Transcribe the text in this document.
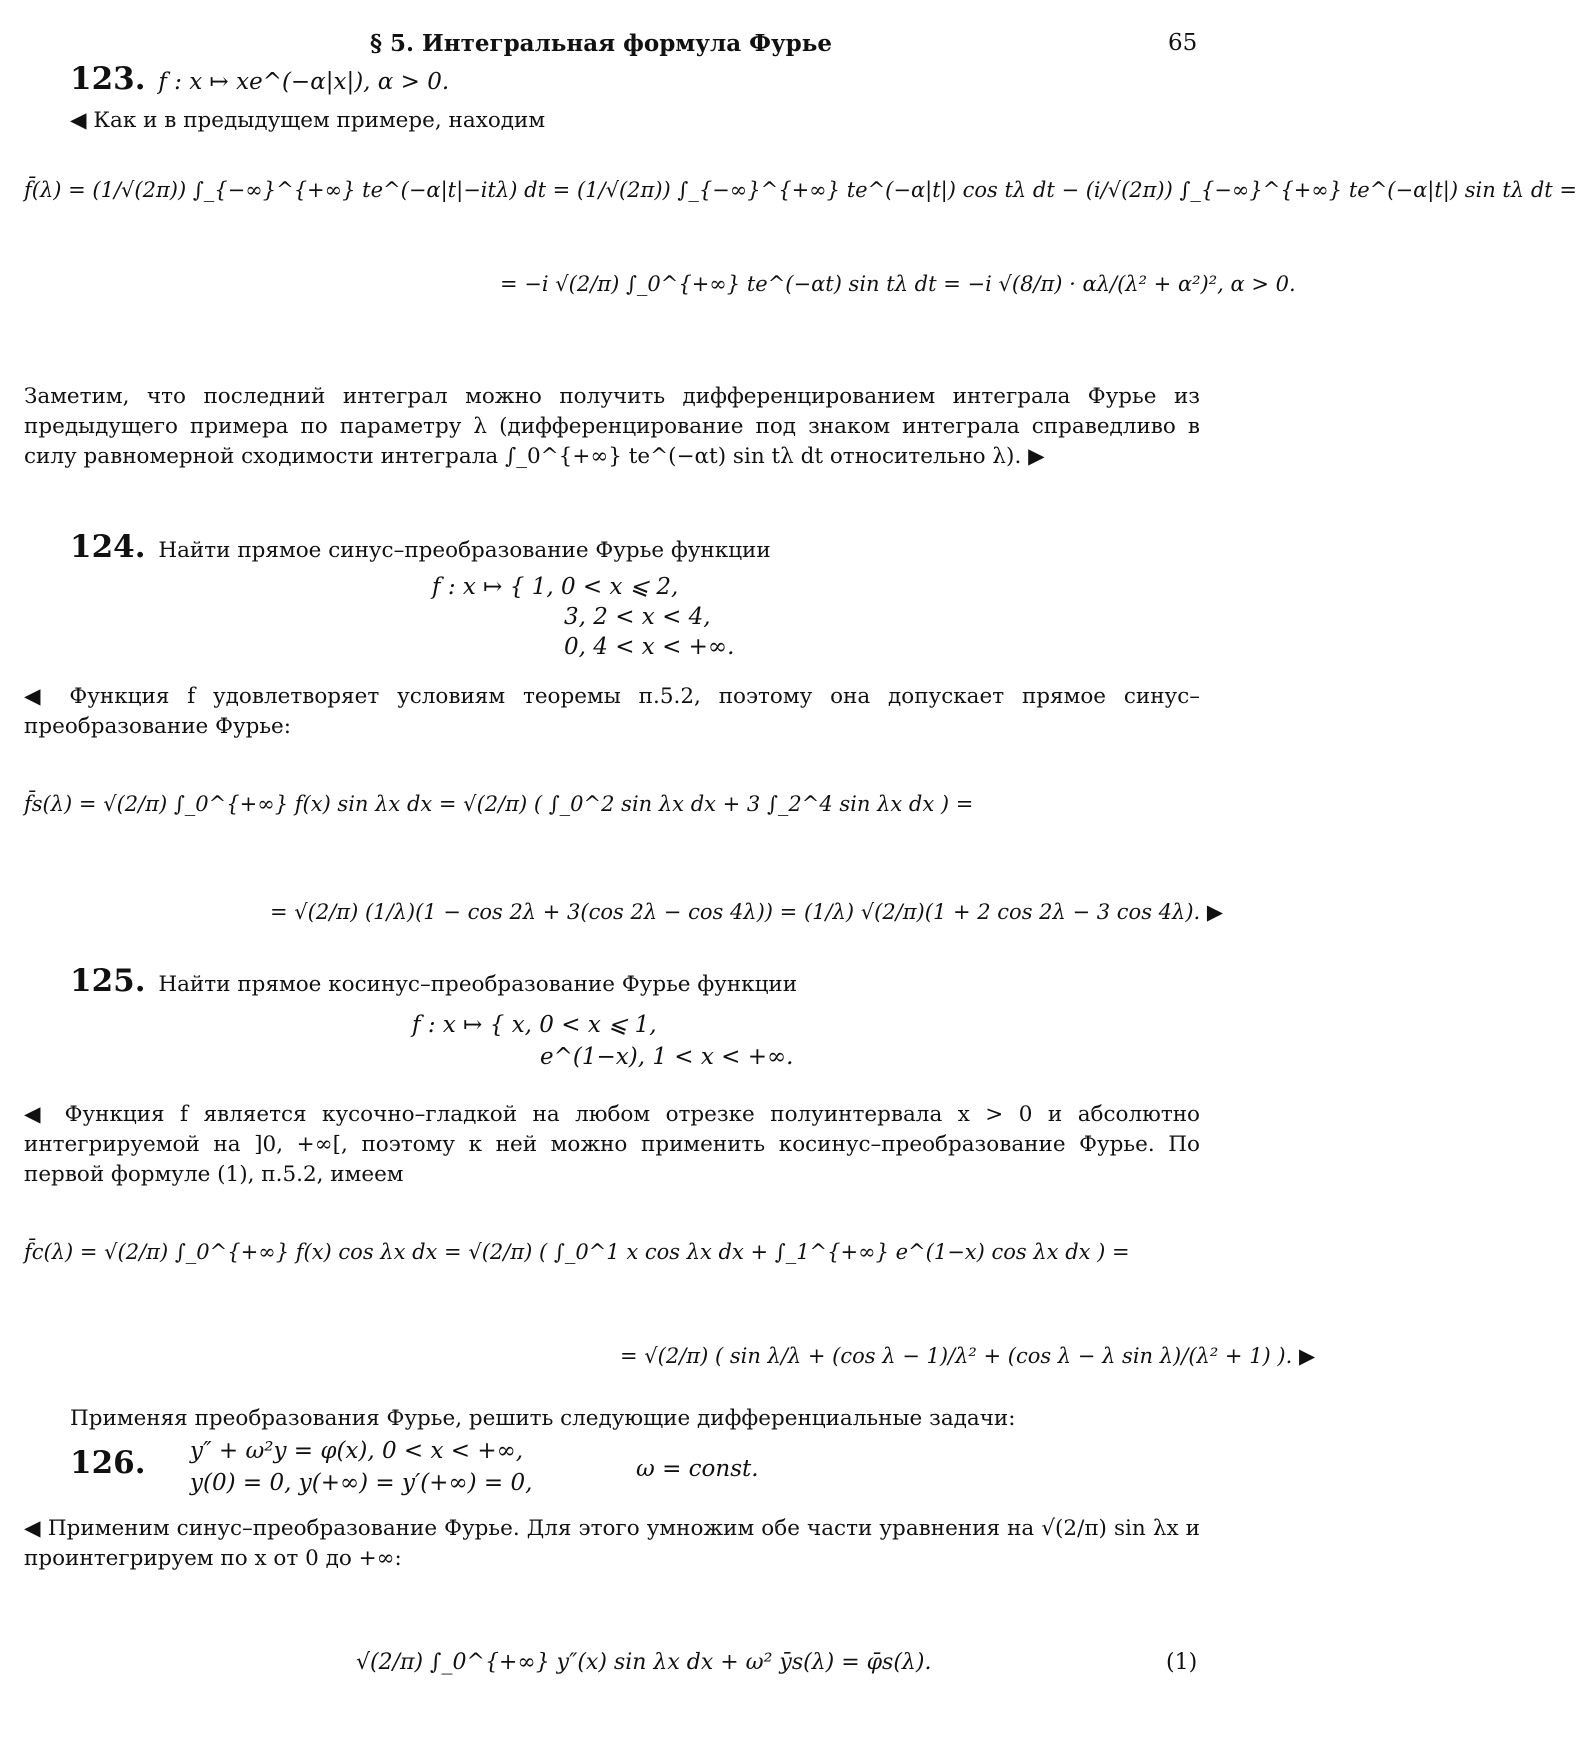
§ 5. Интегральная формула Фурье	65
123. f : x ↦ xe^(−α|x|), α > 0.
◀ Как и в предыдущем примере, находим
f̄(λ) = (1/√(2π)) ∫_{−∞}^{+∞} te^(−α|t|−itλ) dt = (1/√(2π)) ∫_{−∞}^{+∞} te^(−α|t|) cos tλ dt − (i/√(2π)) ∫_{−∞}^{+∞} te^(−α|t|) sin tλ dt =
= −i √(2/π) ∫_0^{+∞} te^(−αt) sin tλ dt = −i √(8/π) · αλ/(λ² + α²)², α > 0.
Заметим, что последний интеграл можно получить дифференцированием интеграла Фурье из предыдущего примера по параметру λ (дифференцирование под знаком интеграла справедливо в силу равномерной сходимости интеграла ∫_0^{+∞} te^(−αt) sin tλ dt относительно λ). ▶
124. Найти прямое синус–преобразование Фурье функции
f : x ↦ { 1, 0 < x ⩽ 2,
3, 2 < x < 4,
0, 4 < x < +∞.
◀ Функция f удовлетворяет условиям теоремы п.5.2, поэтому она допускает прямое синус–преобразование Фурье:
f̄s(λ) = √(2/π) ∫_0^{+∞} f(x) sin λx dx = √(2/π) ( ∫_0^2 sin λx dx + 3 ∫_2^4 sin λx dx ) =
= √(2/π) (1/λ)(1 − cos 2λ + 3(cos 2λ − cos 4λ)) = (1/λ) √(2/π)(1 + 2 cos 2λ − 3 cos 4λ). ▶
125. Найти прямое косинус–преобразование Фурье функции
f : x ↦ { x, 0 < x ⩽ 1,
e^(1−x), 1 < x < +∞.
◀ Функция f является кусочно–гладкой на любом отрезке полуинтервала x > 0 и абсолютно интегрируемой на ]0, +∞[, поэтому к ней можно применить косинус–преобразование Фурье. По первой формуле (1), п.5.2, имеем
f̄c(λ) = √(2/π) ∫_0^{+∞} f(x) cos λx dx = √(2/π) ( ∫_0^1 x cos λx dx + ∫_1^{+∞} e^(1−x) cos λx dx ) =
= √(2/π) ( sin λ/λ + (cos λ − 1)/λ² + (cos λ − λ sin λ)/(λ² + 1) ). ▶
Применяя преобразования Фурье, решить следующие дифференциальные задачи:
126. y″ + ω²y = φ(x), 0 < x < +∞,
y(0) = 0, y(+∞) = y′(+∞) = 0,
ω = const.
◀ Применим синус–преобразование Фурье. Для этого умножим обе части уравнения на √(2/π) sin λx и проинтегрируем по x от 0 до +∞:
√(2/π) ∫_0^{+∞} y″(x) sin λx dx + ω² ȳs(λ) = φ̄s(λ).	(1)
